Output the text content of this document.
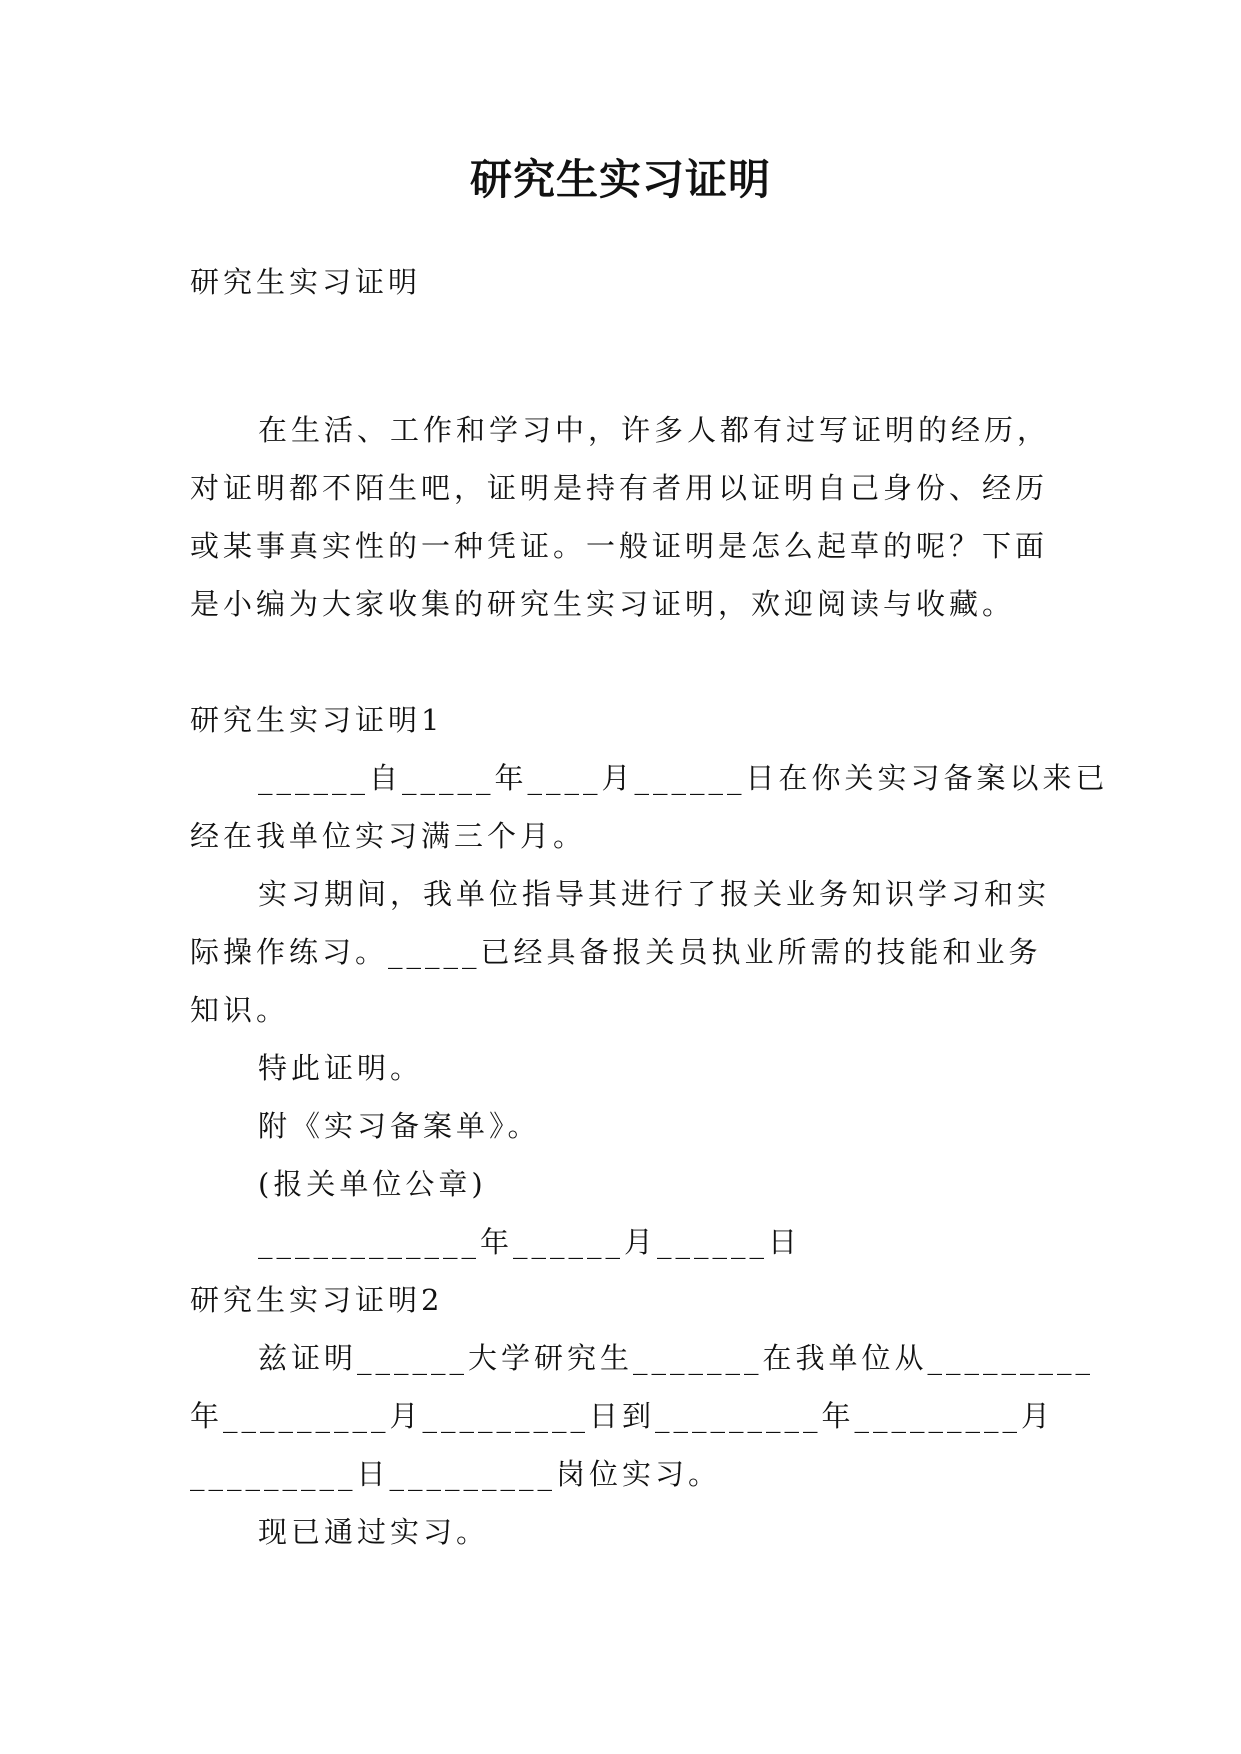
研究生实习证明

研究生实习证明

在生活、工作和学习中，许多人都有过写证明的经历，

对证明都不陌生吧，证明是持有者用以证明自己身份、经历

或某事真实性的一种凭证。一般证明是怎么起草的呢？下面

是小编为大家收集的研究生实习证明，欢迎阅读与收藏。

研究生实习证明1

______自_____年____月______日在你关实习备案以来已

经在我单位实习满三个月。

实习期间，我单位指导其进行了报关业务知识学习和实

际操作练习。_____已经具备报关员执业所需的技能和业务

知识。

特此证明。

附《实习备案单》。

(报关单位公章)

____________年______月______日

研究生实习证明2

兹证明______大学研究生_______在我单位从_________

年_________月_________日到_________年_________月

_________日_________岗位实习。

现已通过实习。
